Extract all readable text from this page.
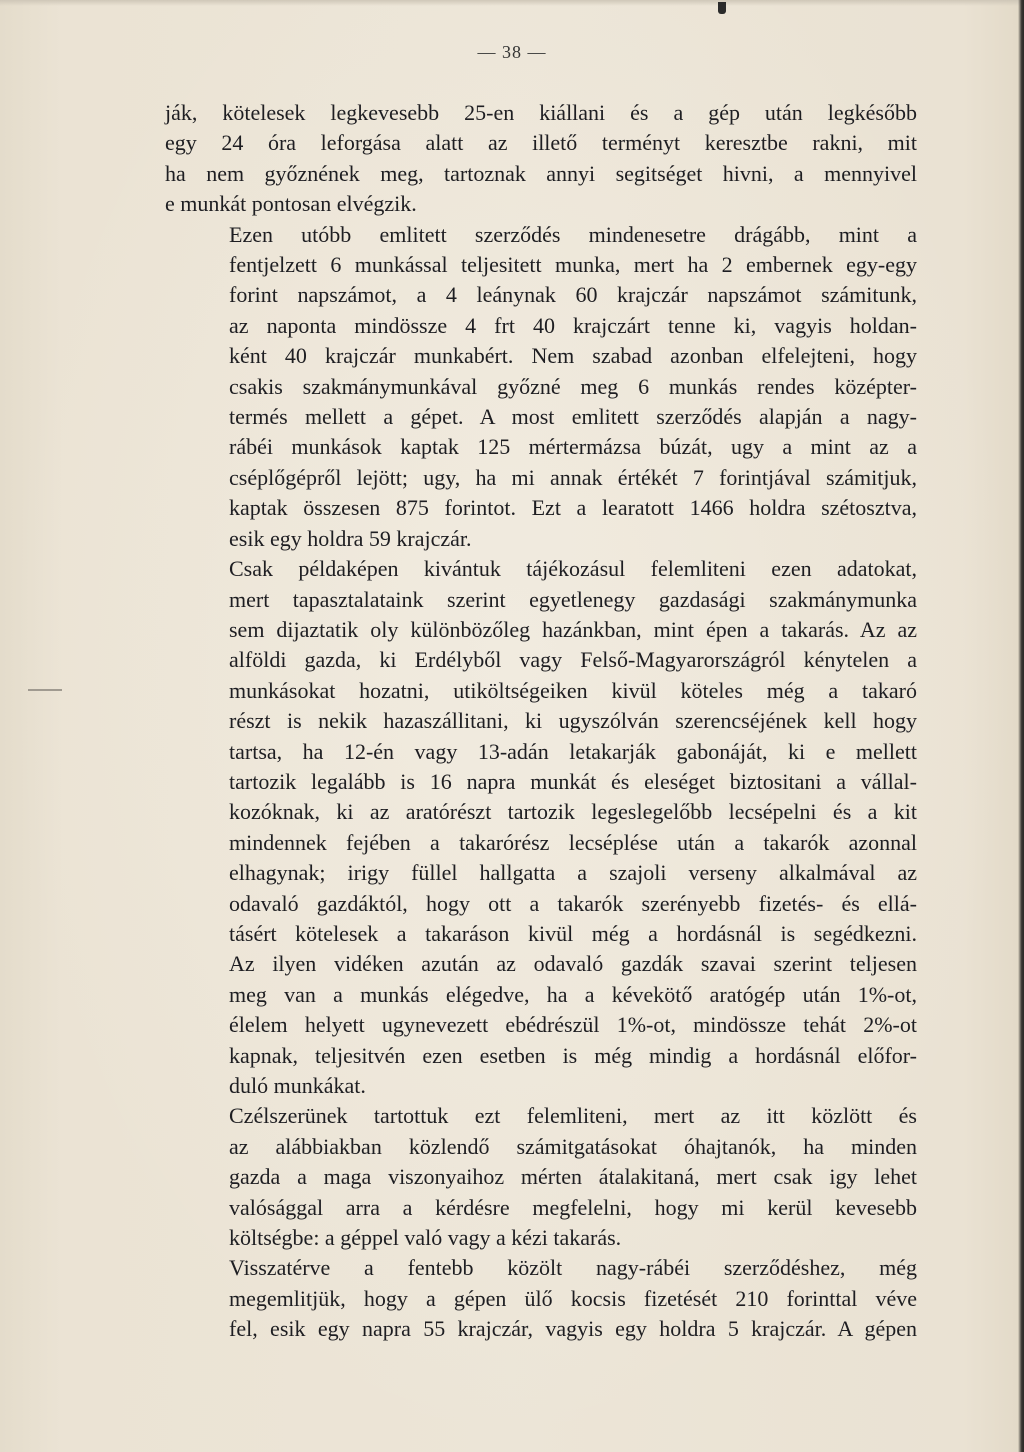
— 38 —

ják, kötelesek legkevesebb 25-en kiállani és a gép után legkésőbb
egy 24 óra leforgása alatt az illető terményt keresztbe rakni, mit
ha nem győznének meg, tartoznak annyi segitséget hivni, a mennyivel
e munkát pontosan elvégzik.

Ezen utóbb emlitett szerződés mindenesetre drágább, mint a
fentjelzett 6 munkással teljesitett munka, mert ha 2 embernek egy-egy
forint napszámot, a 4 leánynak 60 krajczár napszámot számitunk,
az naponta mindössze 4 frt 40 krajczárt tenne ki, vagyis holdan-
ként 40 krajczár munkabért. Nem szabad azonban elfelejteni, hogy
csakis szakmánymunkával győzné meg 6 munkás rendes középter-
termés mellett a gépet. A most emlitett szerződés alapján a nagy-
rábéi munkások kaptak 125 mértermázsa búzát, ugy a mint az a
cséplőgépről lejött; ugy, ha mi annak értékét 7 forintjával számitjuk,
kaptak összesen 875 forintot. Ezt a learatott 1466 holdra szétosztva,
esik egy holdra 59 krajczár.

Csak példaképen kivántuk tájékozásul felemliteni ezen adatokat,
mert tapasztalataink szerint egyetlenegy gazdasági szakmánymunka
sem dijaztatik oly különbözőleg hazánkban, mint épen a takarás. Az az
alföldi gazda, ki Erdélyből vagy Felső-Magyarországról kénytelen a
munkásokat hozatni, utiköltségeiken kivül köteles még a takaró
részt is nekik hazaszállitani, ki ugyszólván szerencséjének kell hogy
tartsa, ha 12-én vagy 13-adán letakarják gabonáját, ki e mellett
tartozik legalább is 16 napra munkát és eleséget biztositani a vállal-
kozóknak, ki az aratórészt tartozik legeslegelőbb lecsépelni és a kit
mindennek fejében a takarórész lecséplése után a takarók azonnal
elhagynak; irigy füllel hallgatta a szajoli verseny alkalmával az
odavaló gazdáktól, hogy ott a takarók szerényebb fizetés- és ellá-
tásért kötelesek a takaráson kivül még a hordásnál is segédkezni.
Az ilyen vidéken azután az odavaló gazdák szavai szerint teljesen
meg van a munkás elégedve, ha a kévekötő aratógép után 1%-ot,
élelem helyett ugynevezett ebédrészül 1%-ot, mindössze tehát 2%-ot
kapnak, teljesitvén ezen esetben is még mindig a hordásnál előfor-
duló munkákat.

Czélszerünek tartottuk ezt felemliteni, mert az itt közlött és
az alábbiakban közlendő számitgatásokat óhajtanók, ha minden
gazda a maga viszonyaihoz mérten átalakitaná, mert csak igy lehet
valósággal arra a kérdésre megfelelni, hogy mi kerül kevesebb
költségbe: a géppel való vagy a kézi takarás.

Visszatérve a fentebb közölt nagy-rábéi szerződéshez, még
megemlitjük, hogy a gépen ülő kocsis fizetését 210 forinttal véve
fel, esik egy napra 55 krajczár, vagyis egy holdra 5 krajczár. A gépen
